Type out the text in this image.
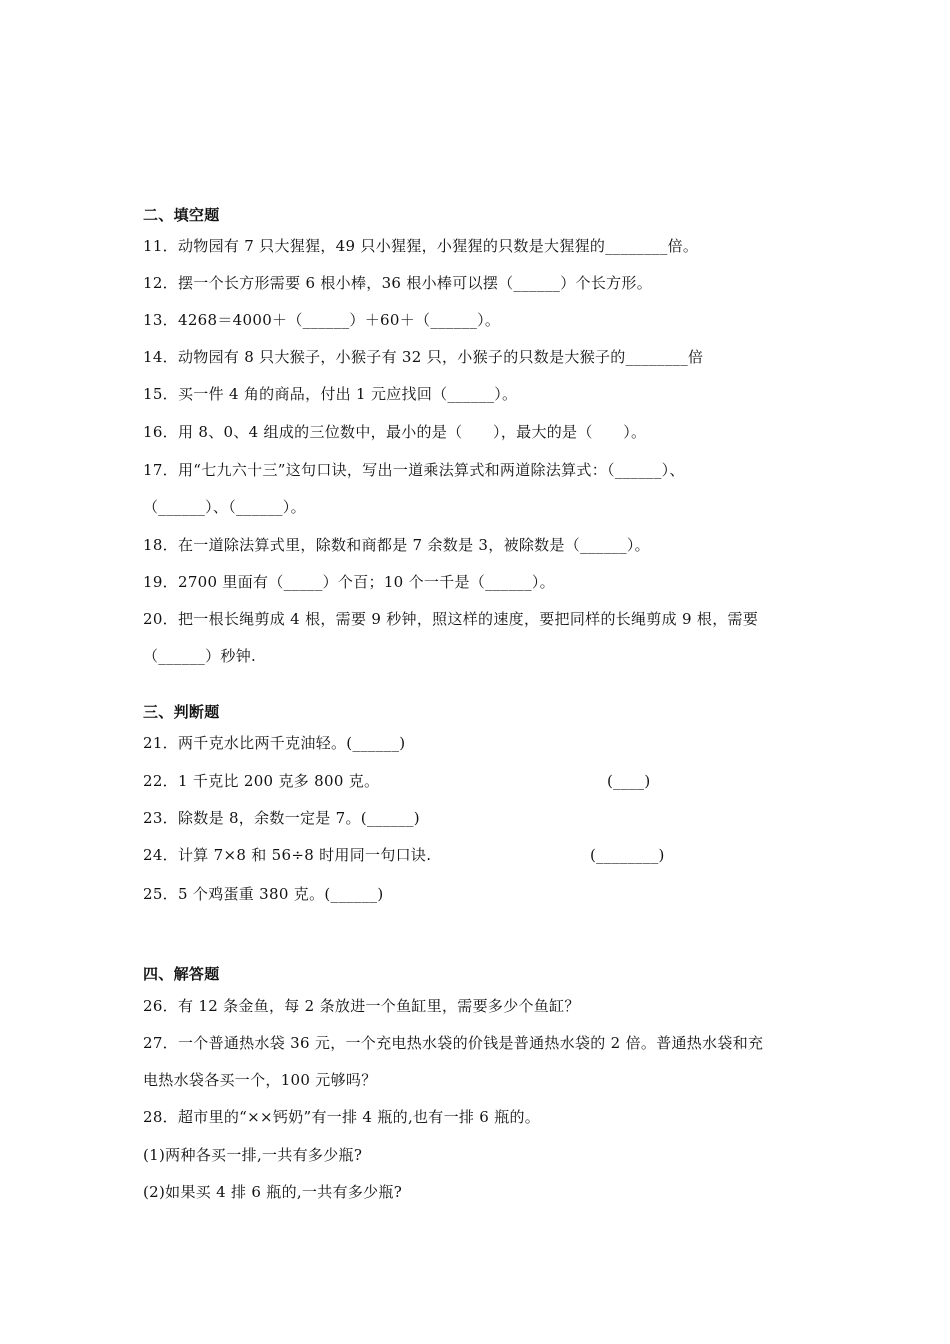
二、填空题
11．动物园有 7 只大猩猩，49 只小猩猩，小猩猩的只数是大猩猩的________倍。
12．摆一个长方形需要 6 根小棒，36 根小棒可以摆（______）个长方形。
13．4268＝4000＋（______）＋60＋（______）。
14．动物园有 8 只大猴子，小猴子有 32 只，小猴子的只数是大猴子的________倍
15．买一件 4 角的商品，付出 1 元应找回（______）。
16．用 8、0、4 组成的三位数中，最小的是（　　），最大的是（　　）。
17．用“七九六十三”这句口诀，写出一道乘法算式和两道除法算式：（______）、
（______）、（______）。
18．在一道除法算式里，除数和商都是 7 余数是 3，被除数是（______）。
19．2700 里面有（_____）个百；10 个一千是（______）。
20．把一根长绳剪成 4 根，需要 9 秒钟，照这样的速度，要把同样的长绳剪成 9 根，需要
（______）秒钟.
三、判断题
21．两千克水比两千克油轻。(______)
22．1 千克比 200 克多 800 克。	(____)
23．除数是 8，余数一定是 7。(______)
24．计算 7×8 和 56÷8 时用同一句口诀.	(________)
25．5 个鸡蛋重 380 克。(______)
四、解答题
26．有 12 条金鱼，每 2 条放进一个鱼缸里，需要多少个鱼缸？
27．一个普通热水袋 36 元，一个充电热水袋的价钱是普通热水袋的 2 倍。普通热水袋和充
电热水袋各买一个，100 元够吗？
28．超市里的“××钙奶”有一排 4 瓶的,也有一排 6 瓶的。
(1)两种各买一排,一共有多少瓶?
(2)如果买 4 排 6 瓶的,一共有多少瓶?
